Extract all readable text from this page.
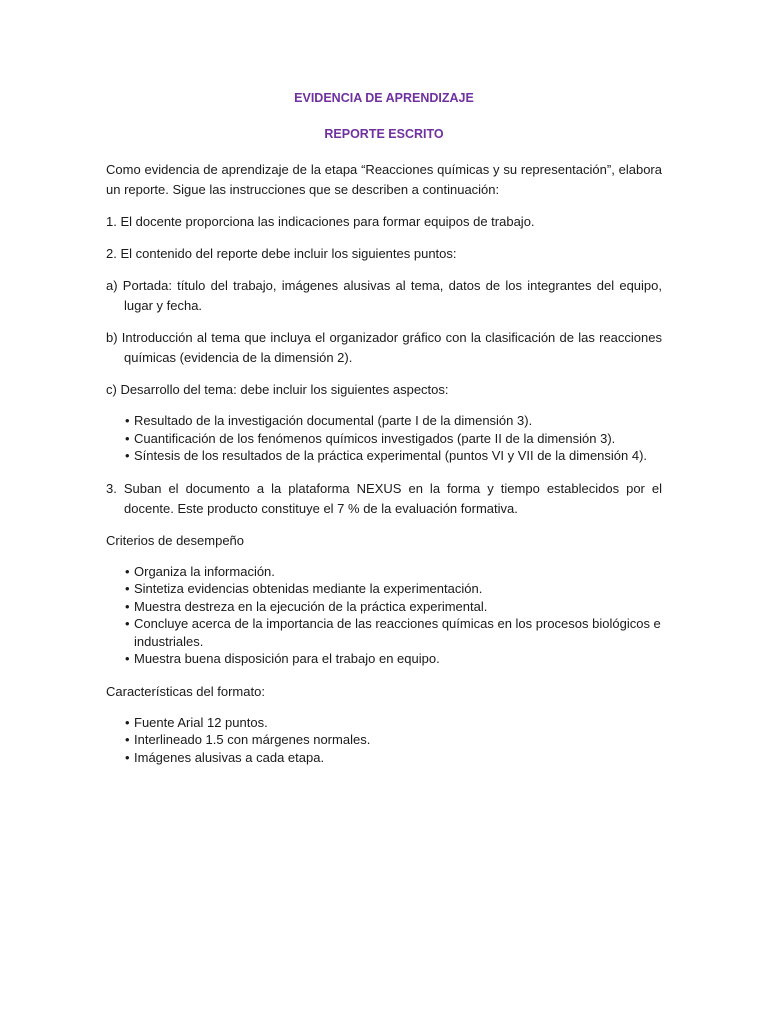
EVIDENCIA DE APRENDIZAJE
REPORTE ESCRITO

Como evidencia de aprendizaje de la etapa “Reacciones químicas y su representación”, elabora un reporte. Sigue las instrucciones que se describen a continuación:

1. El docente proporciona las indicaciones para formar equipos de trabajo.

2. El contenido del reporte debe incluir los siguientes puntos:

a) Portada: título del trabajo, imágenes alusivas al tema, datos de los integrantes del equipo, lugar y fecha.

b) Introducción al tema que incluya el organizador gráfico con la clasificación de las reacciones químicas (evidencia de la dimensión 2).

c) Desarrollo del tema: debe incluir los siguientes aspectos:

• Resultado de la investigación documental (parte I de la dimensión 3).
• Cuantificación de los fenómenos químicos investigados (parte II de la dimensión 3).
• Síntesis de los resultados de la práctica experimental (puntos VI y VII de la dimensión 4).

3. Suban el documento a la plataforma NEXUS en la forma y tiempo establecidos por el docente. Este producto constituye el 7 % de la evaluación formativa.

Criterios de desempeño

• Organiza la información.
• Sintetiza evidencias obtenidas mediante la experimentación.
• Muestra destreza en la ejecución de la práctica experimental.
• Concluye acerca de la importancia de las reacciones químicas en los procesos biológicos e industriales.
• Muestra buena disposición para el trabajo en equipo.

Características del formato:

• Fuente Arial 12 puntos.
• Interlineado 1.5 con márgenes normales.
• Imágenes alusivas a cada etapa.
